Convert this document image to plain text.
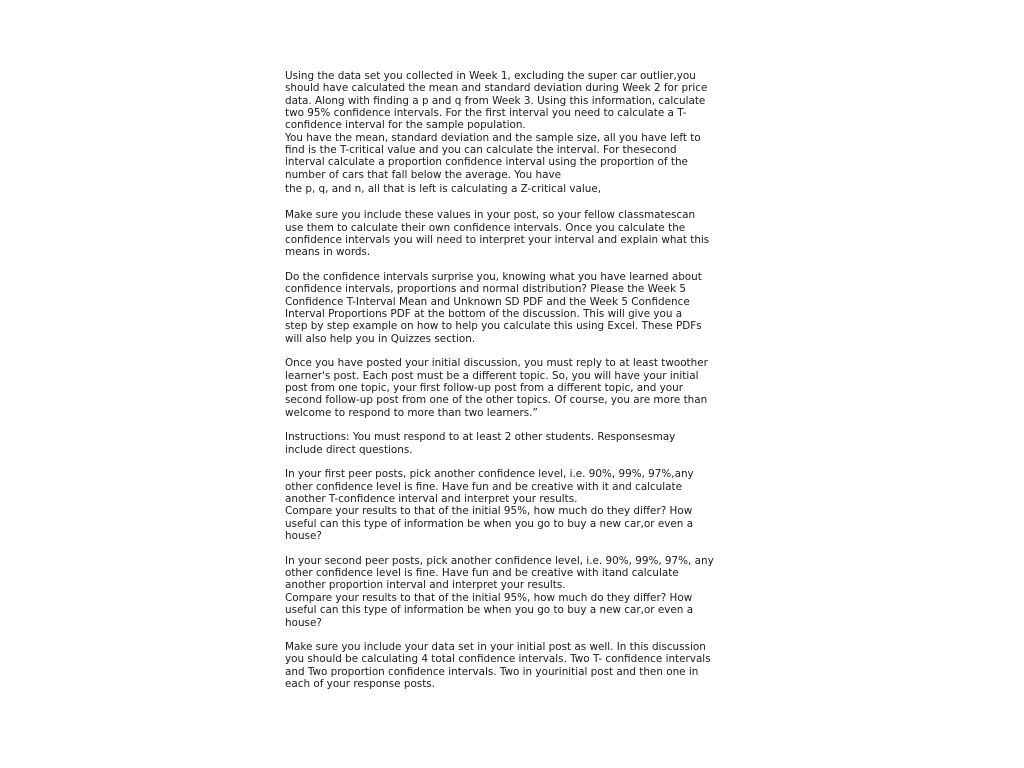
Using the data set you collected in Week 1, excluding the super car outlier,you
should have calculated the mean and standard deviation during Week 2 for price
data. Along with finding a p and q from Week 3. Using this information, calculate
two 95% confidence intervals. For the first interval you need to calculate a T-
confidence interval for the sample population.
You have the mean, standard deviation and the sample size, all you have left to
find is the T-critical value and you can calculate the interval. For thesecond
interval calculate a proportion confidence interval using the proportion of the
number of cars that fall below the average. You have
the p, q, and n, all that is left is calculating a Z-critical value,
Make sure you include these values in your post, so your fellow classmatescan
use them to calculate their own confidence intervals. Once you calculate the
confidence intervals you will need to interpret your interval and explain what this
means in words.
Do the confidence intervals surprise you, knowing what you have learned about
confidence intervals, proportions and normal distribution? Please the Week 5
Confidence T-Interval Mean and Unknown SD PDF and the Week 5 Confidence
Interval Proportions PDF at the bottom of the discussion. This will give you a
step by step example on how to help you calculate this using Excel. These PDFs
will also help you in Quizzes section.
Once you have posted your initial discussion, you must reply to at least twoother
learner's post. Each post must be a different topic. So, you will have your initial
post from one topic, your first follow-up post from a different topic, and your
second follow-up post from one of the other topics. Of course, you are more than
welcome to respond to more than two learners.”
Instructions: You must respond to at least 2 other students. Responsesmay
include direct questions.
In your first peer posts, pick another confidence level, i.e. 90%, 99%, 97%,any
other confidence level is fine. Have fun and be creative with it and calculate
another T-confidence interval and interpret your results.
Compare your results to that of the initial 95%, how much do they differ? How
useful can this type of information be when you go to buy a new car,or even a
house?
In your second peer posts, pick another confidence level, i.e. 90%, 99%, 97%, any
other confidence level is fine. Have fun and be creative with itand calculate
another proportion interval and interpret your results.
Compare your results to that of the initial 95%, how much do they differ? How
useful can this type of information be when you go to buy a new car,or even a
house?
Make sure you include your data set in your initial post as well. In this discussion
you should be calculating 4 total confidence intervals. Two T- confidence intervals
and Two proportion confidence intervals. Two in yourinitial post and then one in
each of your response posts.
